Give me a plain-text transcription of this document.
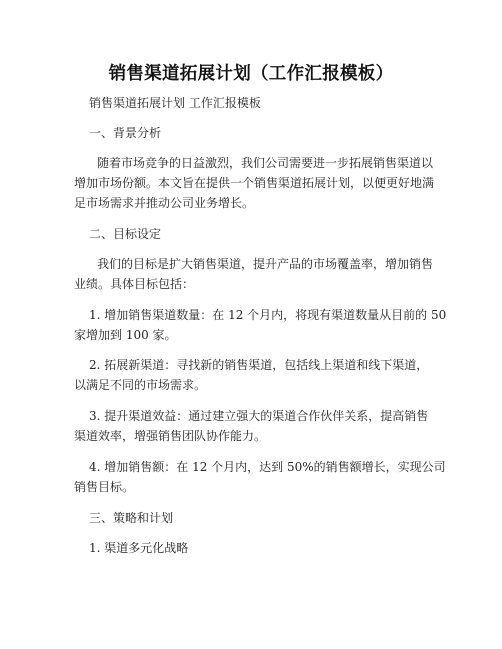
销售渠道拓展计划（工作汇报模板）
销售渠道拓展计划 工作汇报模板
一、背景分析
随着市场竞争的日益激烈，我们公司需要进一步拓展销售渠道以
增加市场份额。本文旨在提供一个销售渠道拓展计划，以便更好地满
足市场需求并推动公司业务增长。
二、目标设定
我们的目标是扩大销售渠道，提升产品的市场覆盖率，增加销售
业绩。具体目标包括：
1. 增加销售渠道数量：在 12 个月内，将现有渠道数量从目前的 50
家增加到 100 家。
2. 拓展新渠道：寻找新的销售渠道，包括线上渠道和线下渠道，
以满足不同的市场需求。
3. 提升渠道效益：通过建立强大的渠道合作伙伴关系，提高销售
渠道效率，增强销售团队协作能力。
4. 增加销售额：在 12 个月内，达到 50%的销售额增长，实现公司
销售目标。
三、策略和计划
1. 渠道多元化战略
